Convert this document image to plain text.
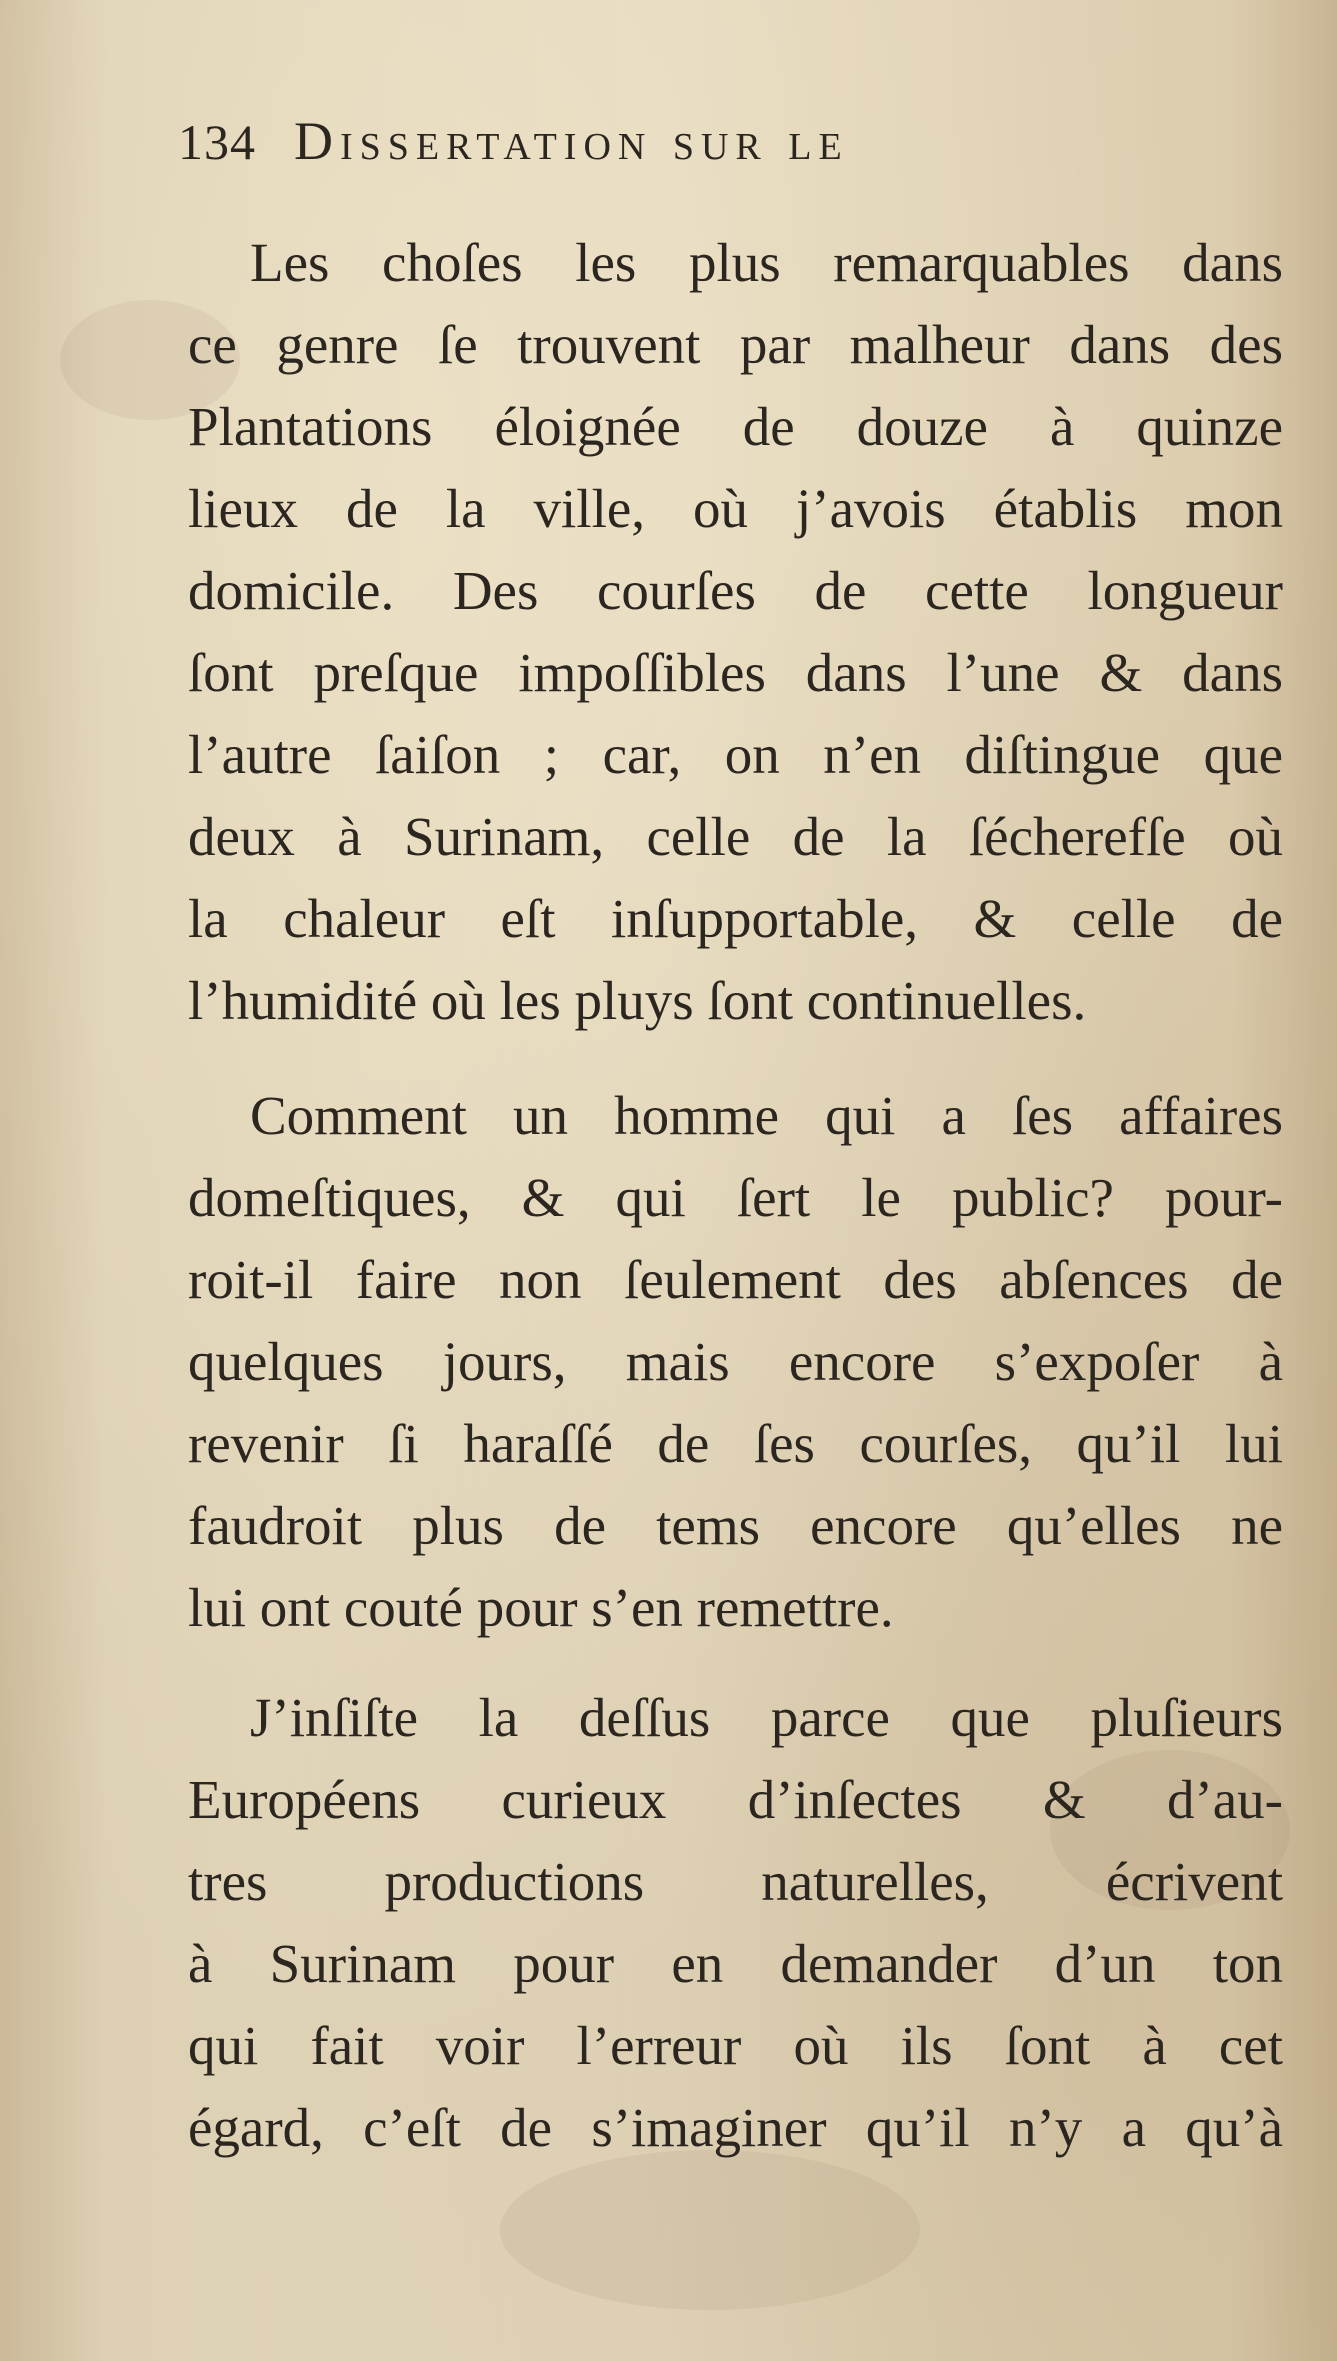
134 Dissertation sur le
Les choſes les plus remarquables dans
ce genre ſe trouvent par malheur dans des
Plantations éloignée de douze à quinze
lieux de la ville, où j’avois établis mon
domicile. Des courſes de cette longueur
ſont preſque impoſſibles dans l’une & dans
l’autre ſaiſon ; car, on n’en diſtingue que
deux à Surinam, celle de la ſécherefſe où
la chaleur eſt inſupportable, & celle de
l’humidité où les pluys ſont continuelles.
Comment un homme qui a ſes affaires
domeſtiques, & qui ſert le public? pour-
roit-il faire non ſeulement des abſences de
quelques jours, mais encore s’expoſer à
revenir ſi haraſſé de ſes courſes, qu’il lui
faudroit plus de tems encore qu’elles ne
lui ont couté pour s’en remettre.
J’inſiſte la deſſus parce que pluſieurs
Européens curieux d’inſectes & d’au-
tres productions naturelles, écrivent
à Surinam pour en demander d’un ton
qui fait voir l’erreur où ils ſont à cet
égard, c’eſt de s’imaginer qu’il n’y a qu’à
